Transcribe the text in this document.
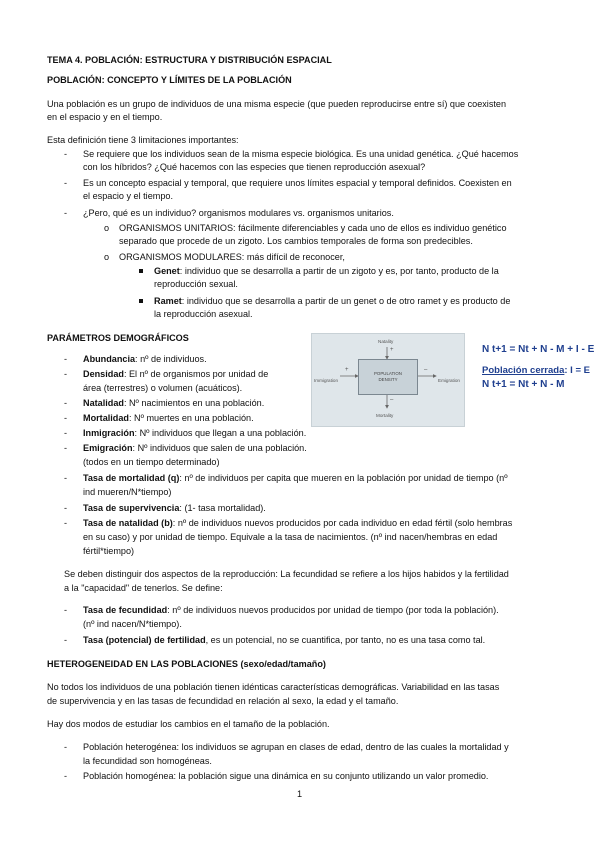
TEMA 4. POBLACIÓN: ESTRUCTURA Y DISTRIBUCIÓN ESPACIAL
POBLACIÓN: CONCEPTO Y LÍMITES DE LA POBLACIÓN
Una población es un grupo de individuos de una misma especie (que pueden reproducirse entre sí) que coexisten
en el espacio y en el tiempo.
Esta definición tiene 3 limitaciones importantes:
- Se requiere que los individuos sean de la misma especie biológica. Es una unidad genética. ¿Qué hacemos
con los híbridos? ¿Qué hacemos con las especies que tienen reproducción asexual?
- Es un concepto espacial y temporal, que requiere unos límites espacial y temporal definidos. Coexisten en
el espacio y el tiempo.
- ¿Pero, qué es un individuo? organismos modulares vs. organismos unitarios.
o ORGANISMOS UNITARIOS: fácilmente diferenciables y cada uno de ellos es individuo genético
separado que procede de un zigoto. Los cambios temporales de forma son predecibles.
o ORGANISMOS MODULARES: más difícil de reconocer,
Genet: individuo que se desarrolla a partir de un zigoto y es, por tanto, producto de la
reproducción sexual.
Ramet: individuo que se desarrolla a partir de un genet o de otro ramet y es producto de
la reproducción asexual.
PARÁMETROS DEMOGRÁFICOS
- Abundancia: nº de individuos.
- Densidad: El nº de organismos por unidad de
área (terrestres) o volumen (acuáticos).
- Natalidad: Nº nacimientos en una población.
- Mortalidad: Nº muertes en una población.
- Inmigración: Nº individuos que llegan a una población.
- Emigración: Nº individuos que salen de una población.
(todos en un tiempo determinado)
- Tasa de mortalidad (q): nº de individuos per capita que mueren en la población por unidad de tiempo (nº
ind mueren/N*tiempo)
- Tasa de supervivencia: (1- tasa mortalidad).
- Tasa de natalidad (b): nº de individuos nuevos producidos por cada individuo en edad fértil (solo hembras
en su caso) y por unidad de tiempo. Equivale a la tasa de nacimientos. (nº ind nacen/hembras en edad
fértil*tiempo)
Se deben distinguir dos aspectos de la reproducción: La fecundidad se refiere a los hijos habidos y la fertilidad
a la "capacidad" de tenerlos. Se define:
- Tasa de fecundidad: nº de individuos nuevos producidos por unidad de tiempo (por toda la población).
(nº ind nacen/N*tiempo).
- Tasa (potencial) de fertilidad, es un potencial, no se cuantifica, por tanto, no es una tasa como tal.
Natality
Mortality
Immigration	Emigration
+
+	–
–
POPULATION
DENSITY
N t+1 = Nt + N - M + I - E
Población cerrada: I = E
N t+1 = Nt + N - M
HETEROGENEIDAD EN LAS POBLACIONES (sexo/edad/tamaño)
No todos los individuos de una población tienen idénticas características demográficas. Variabilidad en las tasas
de supervivencia y en las tasas de fecundidad en relación al sexo, la edad y el tamaño.
Hay dos modos de estudiar los cambios en el tamaño de la población.
- Población heterogénea: los individuos se agrupan en clases de edad, dentro de las cuales la mortalidad y
la fecundidad son homogéneas.
- Población homogénea: la población sigue una dinámica en su conjunto utilizando un valor promedio.
1
